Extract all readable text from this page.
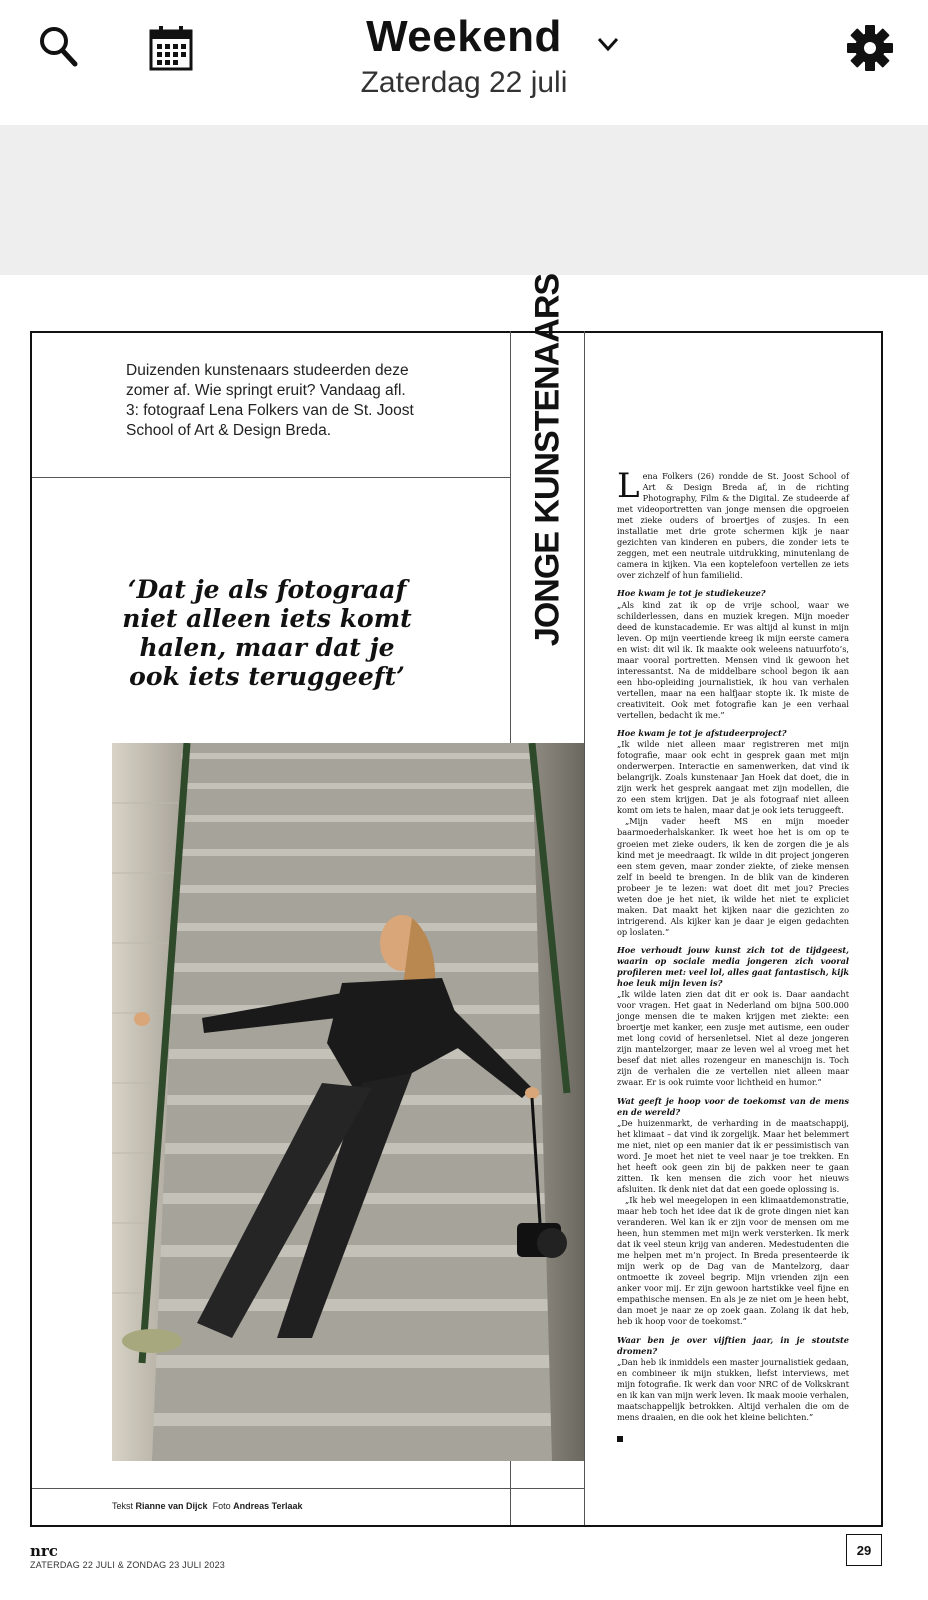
Weekend
Zaterdag 22 juli
Duizenden kunstenaars studeerden deze zomer af. Wie springt eruit? Vandaag afl. 3: fotograaf Lena Folkers van de St. Joost School of Art & Design Breda.	JONGE KUNSTENAARS
‘Dat je als fotograaf niet alleen iets komt halen, maar dat je ook iets teruggeeft’
Tekst Rianne van Dijck Foto Andreas Terlaak

Lena Folkers (26) rondde de St. Joost School of Art & Design Breda af, in de richting Photography, Film & the Digital. Ze studeerde af met videoportretten van jonge mensen die opgroeien met zieke ouders of broertjes of zusjes. In een installatie met drie grote schermen kijk je naar gezichten van kinderen en pubers, die zonder iets te zeggen, met een neutrale uitdrukking, minutenlang de camera in kijken. Via een koptelefoon vertellen ze iets over zichzelf of hun familielid.

Hoe kwam je tot je studiekeuze?

„Als kind zat ik op de vrije school, waar we schilderlessen, dans en muziek kregen. Mijn moeder deed de kunstacademie. Er was altijd al kunst in mijn leven. Op mijn veertiende kreeg ik mijn eerste camera en wist: dit wil ik. Ik maakte ook weleens natuurfoto’s, maar vooral portretten. Mensen vind ik gewoon het interessantst. Na de middelbare school begon ik aan een hbo-opleiding journalistiek, ik hou van verhalen vertellen, maar na een halfjaar stopte ik. Ik miste de creativiteit. Ook met fotografie kan je een verhaal vertellen, bedacht ik me.”

Hoe kwam je tot je afstudeerproject?

„Ik wilde niet alleen maar registreren met mijn fotografie, maar ook echt in gesprek gaan met mijn onderwerpen. Interactie en samenwerken, dat vind ik belangrijk. Zoals kunstenaar Jan Hoek dat doet, die in zijn werk het gesprek aangaat met zijn modellen, die zo een stem krijgen. Dat je als fotograaf niet alleen komt om iets te halen, maar dat je ook iets teruggeeft.

„Mijn vader heeft MS en mijn moeder baarmoederhalskanker. Ik weet hoe het is om op te groeien met zieke ouders, ik ken de zorgen die je als kind met je meedraagt. Ik wilde in dit project jongeren een stem geven, maar zonder ziekte, of zieke mensen zelf in beeld te brengen. In de blik van de kinderen probeer je te lezen: wat doet dit met jou? Precies weten doe je het niet, ik wilde het niet te expliciet maken. Dat maakt het kijken naar die gezichten zo intrigerend. Als kijker kan je daar je eigen gedachten op loslaten.”

Hoe verhoudt jouw kunst zich tot de tijdgeest, waarin op sociale media jongeren zich vooral profileren met: veel lol, alles gaat fantastisch, kijk hoe leuk mijn leven is?

„Ik wilde laten zien dat dit er ook is. Daar aandacht voor vragen. Het gaat in Nederland om bijna 500.000 jonge mensen die te maken krijgen met ziekte: een broertje met kanker, een zusje met autisme, een ouder met long covid of hersenletsel. Niet al deze jongeren zijn mantelzorger, maar ze leven wel al vroeg met het besef dat niet alles rozengeur en maneschijn is. Toch zijn de verhalen die ze vertellen niet alleen maar zwaar. Er is ook ruimte voor lichtheid en humor.”

Wat geeft je hoop voor de toekomst van de mens en de wereld?

„De huizenmarkt, de verharding in de maatschappij, het klimaat – dat vind ik zorgelijk. Maar het belemmert me niet, niet op een manier dat ik er pessimistisch van word. Je moet het niet te veel naar je toe trekken. En het heeft ook geen zin bij de pakken neer te gaan zitten. Ik ken mensen die zich voor het nieuws afsluiten. Ik denk niet dat dat een goede oplossing is.

„Ik heb wel meegelopen in een klimaatdemonstratie, maar heb toch het idee dat ik de grote dingen niet kan veranderen. Wel kan ik er zijn voor de mensen om me heen, hun stemmen met mijn werk versterken. Ik merk dat ik veel steun krijg van anderen. Medestudenten die me helpen met m’n project. In Breda presenteerde ik mijn werk op de Dag van de Mantelzorg, daar ontmoette ik zoveel begrip. Mijn vrienden zijn een anker voor mij. Er zijn gewoon hartstikke veel fijne en empathische mensen. En als je ze niet om je heen hebt, dan moet je naar ze op zoek gaan. Zolang ik dat heb, heb ik hoop voor de toekomst.”

Waar ben je over vijftien jaar, in je stoutste dromen?

„Dan heb ik inmiddels een master journalistiek gedaan, en combineer ik mijn stukken, liefst interviews, met mijn fotografie. Ik werk dan voor NRC of de Volkskrant en ik kan van mijn werk leven. Ik maak mooie verhalen, maatschappelijk betrokken. Altijd verhalen die om de mens draaien, en die ook het kleine belichten.”

nrc
ZATERDAG 22 JULI & ZONDAG 23 JULI 2023
29
